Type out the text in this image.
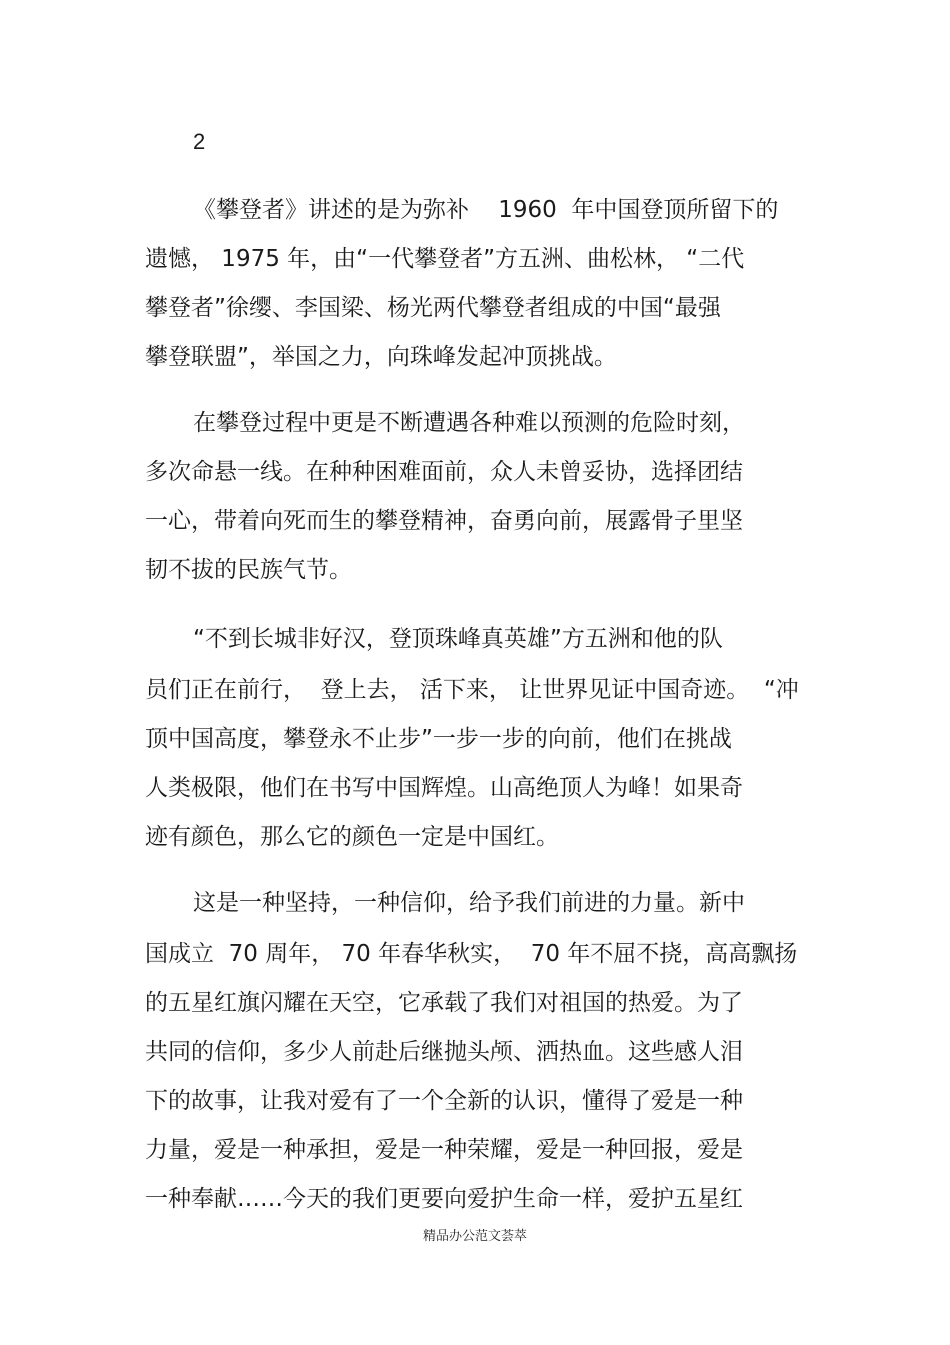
2
《攀登者》讲述的是为弥补    1960  年中国登顶所留下的
遗憾， 1975 年，由“一代攀登者”方五洲、曲松林， “二代
攀登者”徐缨、李国梁、杨光两代攀登者组成的中国“最强
攀登联盟”，举国之力，向珠峰发起冲顶挑战。
在攀登过程中更是不断遭遇各种难以预测的危险时刻，
多次命悬一线。在种种困难面前，众人未曾妥协，选择团结
一心，带着向死而生的攀登精神，奋勇向前，展露骨子里坚
韧不拔的民族气节。
“不到长城非好汉，登顶珠峰真英雄”方五洲和他的队
员们正在前行，  登上去， 活下来， 让世界见证中国奇迹。  “冲
顶中国高度，攀登永不止步”一步一步的向前，他们在挑战
人类极限，他们在书写中国辉煌。山高绝顶人为峰！如果奇
迹有颜色，那么它的颜色一定是中国红。
这是一种坚持，一种信仰，给予我们前进的力量。新中
国成立  70 周年， 70 年春华秋实，  70 年不屈不挠，高高飘扬
的五星红旗闪耀在天空，它承载了我们对祖国的热爱。为了
共同的信仰，多少人前赴后继抛头颅、洒热血。这些感人泪
下的故事，让我对爱有了一个全新的认识，懂得了爱是一种
力量，爱是一种承担，爱是一种荣耀，爱是一种回报，爱是
一种奉献……今天的我们更要向爱护生命一样，爱护五星红
精品办公范文荟萃
